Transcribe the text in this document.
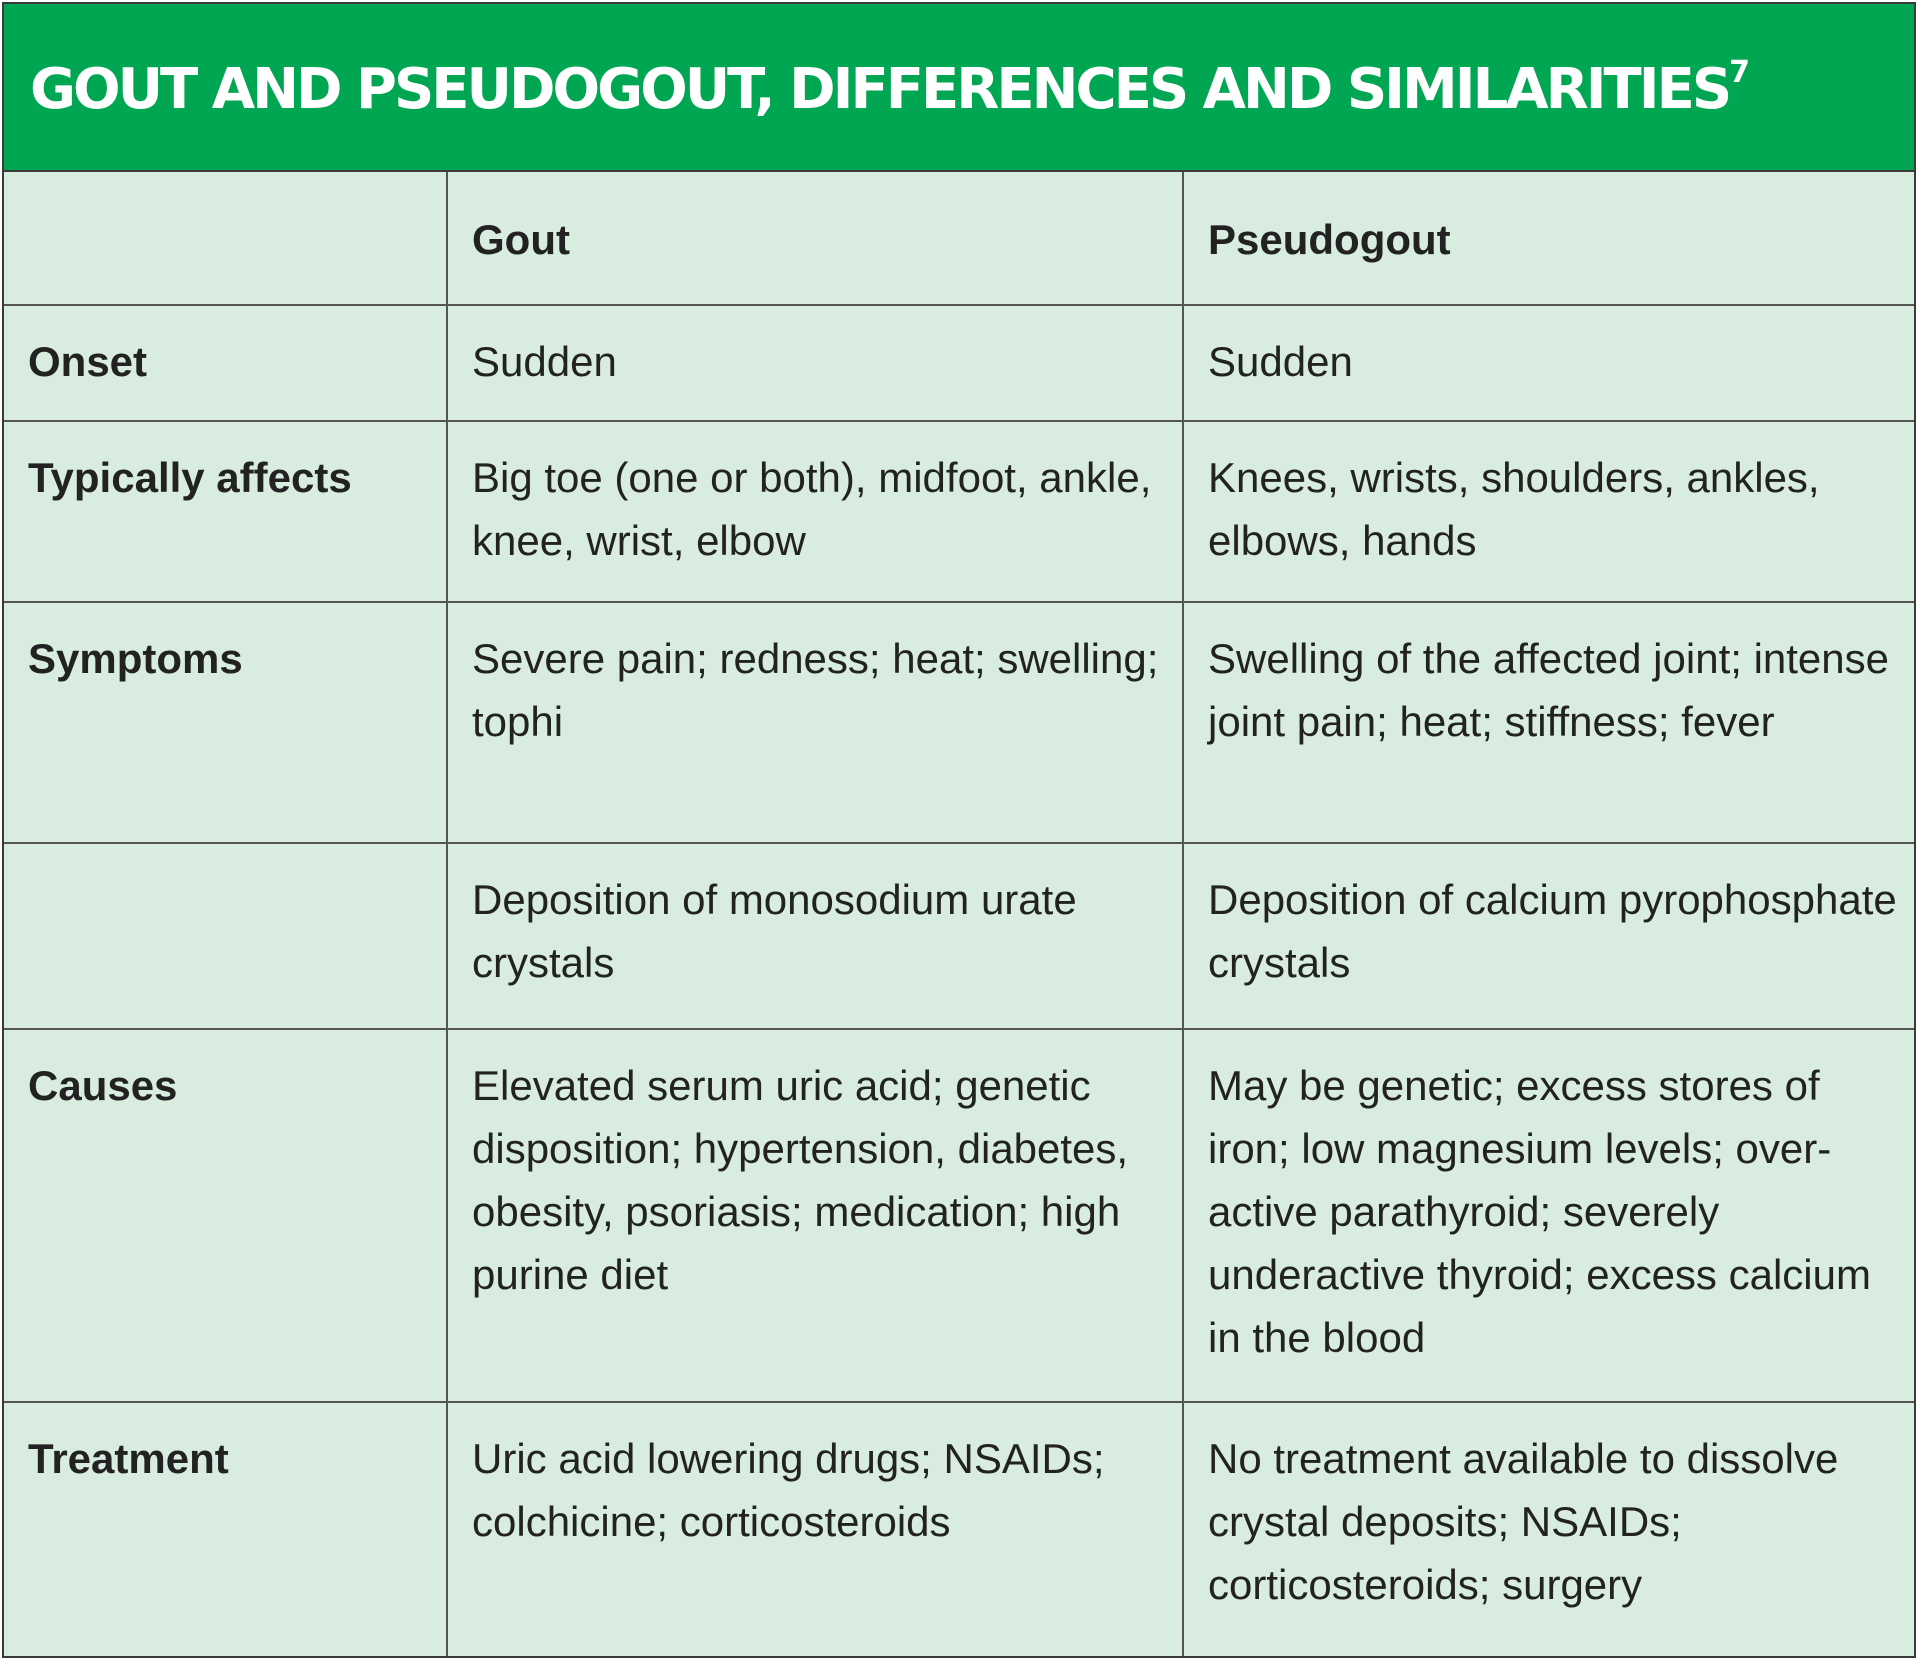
GOUT AND PSEUDOGOUT, DIFFERENCES AND SIMILARITIES$^7$
	Gout	Pseudogout
Onset	Sudden	Sudden
Typically affects	Big toe (one or both), midfoot, ankle, knee, wrist, elbow	Knees, wrists, shoulders, ankles, elbows, hands
Symptoms	Severe pain; redness; heat; swelling; tophi	Swelling of the affected joint; intense joint pain; heat; stiffness; fever
	Deposition of monosodium urate crystals	Deposition of calcium pyrophosphate crystals
Causes	Elevated serum uric acid; genetic disposition; hypertension, diabetes, obesity, psoriasis; medication; high purine diet	May be genetic; excess stores of iron; low magnesium levels; over-active parathyroid; severely underactive thyroid; excess calcium in the blood
Treatment	Uric acid lowering drugs; NSAIDs; colchicine; corticosteroids	No treatment available to dissolve crystal deposits; NSAIDs; corticosteroids; surgery
